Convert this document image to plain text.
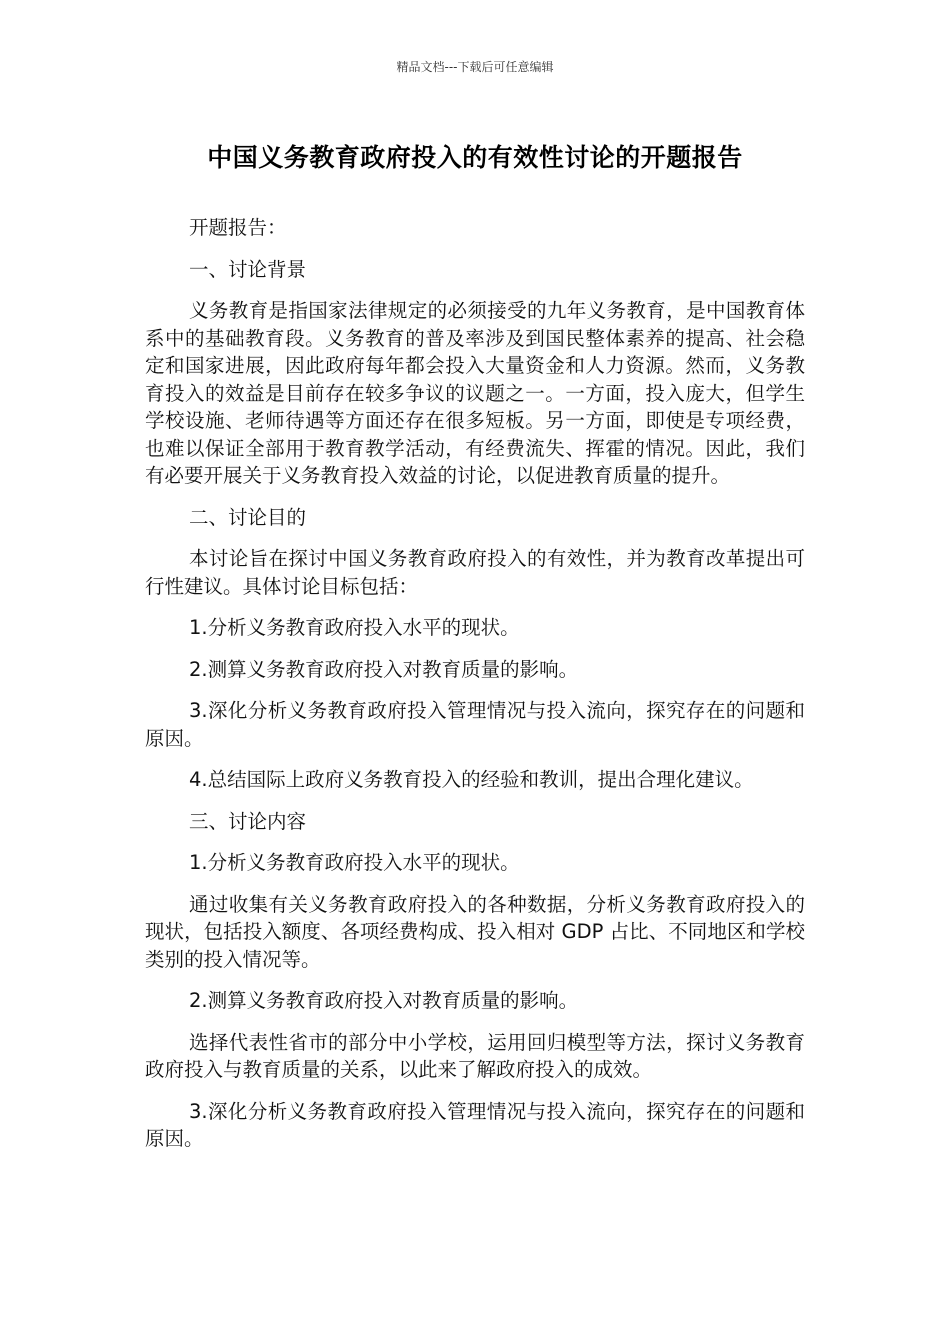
精品文档---下载后可任意编辑
中国义务教育政府投入的有效性讨论的开题报告

开题报告：

一、讨论背景

义务教育是指国家法律规定的必须接受的九年义务教育，是中国教育体系中的基础教育段。义务教育的普及率涉及到国民整体素养的提高、社会稳定和国家进展，因此政府每年都会投入大量资金和人力资源。然而，义务教育投入的效益是目前存在较多争议的议题之一。一方面，投入庞大，但学生学校设施、老师待遇等方面还存在很多短板。另一方面，即使是专项经费，也难以保证全部用于教育教学活动，有经费流失、挥霍的情况。因此，我们有必要开展关于义务教育投入效益的讨论，以促进教育质量的提升。

二、讨论目的

本讨论旨在探讨中国义务教育政府投入的有效性，并为教育改革提出可行性建议。具体讨论目标包括：

1.分析义务教育政府投入水平的现状。

2.测算义务教育政府投入对教育质量的影响。

3.深化分析义务教育政府投入管理情况与投入流向，探究存在的问题和原因。

4.总结国际上政府义务教育投入的经验和教训，提出合理化建议。

三、讨论内容

1.分析义务教育政府投入水平的现状。

通过收集有关义务教育政府投入的各种数据，分析义务教育政府投入的现状，包括投入额度、各项经费构成、投入相对 GDP 占比、不同地区和学校类别的投入情况等。

2.测算义务教育政府投入对教育质量的影响。

选择代表性省市的部分中小学校，运用回归模型等方法，探讨义务教育政府投入与教育质量的关系，以此来了解政府投入的成效。

3.深化分析义务教育政府投入管理情况与投入流向，探究存在的问题和原因。
